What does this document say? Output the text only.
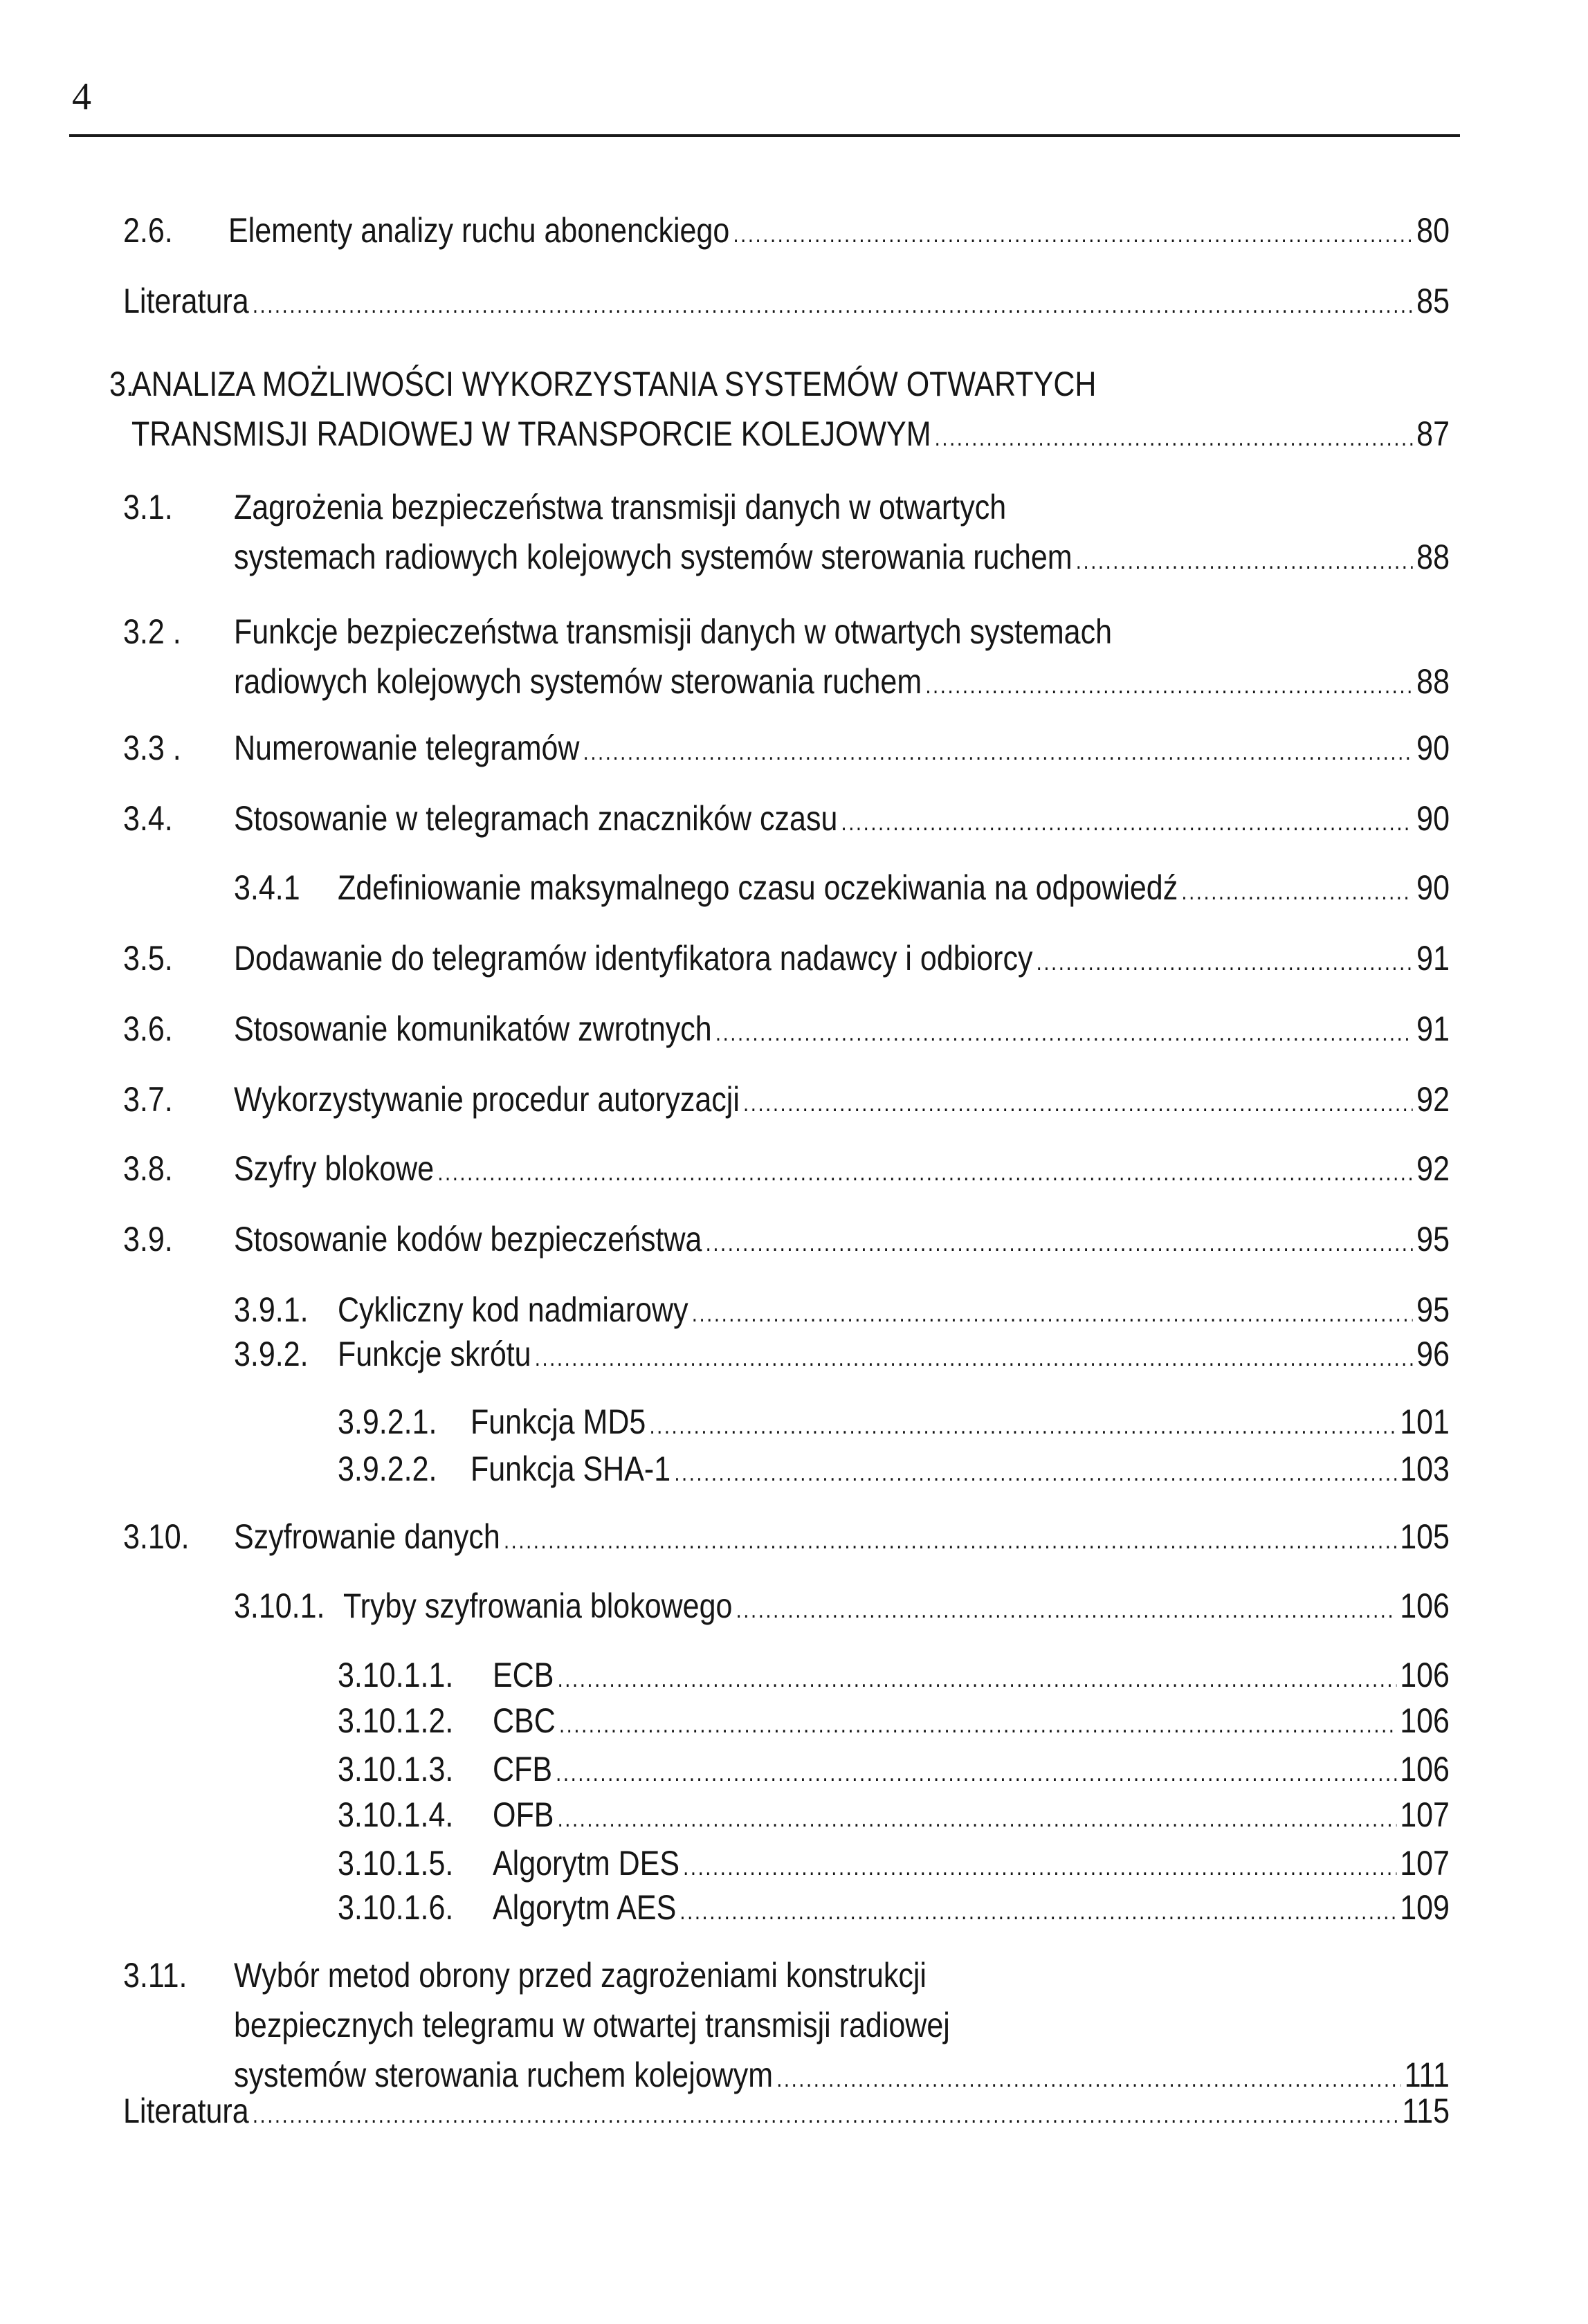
4
2.6. Elementy analizy ruchu abonenckiego .....	80
Literatura .....	85
3.
ANALIZA MOŻLIWOŚCI WYKORZYSTANIA SYSTEMÓW OTWARTYCH
TRANSMISJI RADIOWEJ W TRANSPORCIE KOLEJOWYM .....	87
3.1. Zagrożenia bezpieczeństwa transmisji danych w otwartych
systemach radiowych kolejowych systemów sterowania ruchem .....	88
3.2 . Funkcje bezpieczeństwa transmisji danych w otwartych systemach
radiowych kolejowych systemów sterowania ruchem .....	88
3.3 . Numerowanie telegramów .....	90
3.4. Stosowanie w telegramach znaczników czasu .....	90
3.4.1 Zdefiniowanie maksymalnego czasu oczekiwania na odpowiedź .....	90
3.5. Dodawanie do telegramów identyfikatora nadawcy i odbiorcy .....	91
3.6. Stosowanie komunikatów zwrotnych .....	91
3.7. Wykorzystywanie procedur autoryzacji .....	92
3.8. Szyfry blokowe .....	92
3.9. Stosowanie kodów bezpieczeństwa .....	95
3.9.1. Cykliczny kod nadmiarowy .....	95
3.9.2. Funkcje skrótu .....	96
3.9.2.1. Funkcja MD5 .....	101
3.9.2.2. Funkcja SHA-1 .....	103
3.10. Szyfrowanie danych .....	105
3.10.1. Tryby szyfrowania blokowego .....	106
3.10.1.1. ECB .....	106
3.10.1.2. CBC .....	106
3.10.1.3. CFB .....	106
3.10.1.4. OFB .....	107
3.10.1.5. Algorytm DES .....	107
3.10.1.6. Algorytm AES .....	109
3.11. Wybór metod obrony przed zagrożeniami konstrukcji
bezpiecznych telegramu w otwartej transmisji radiowej
systemów sterowania ruchem kolejowym .....	111
Literatura .....	115
